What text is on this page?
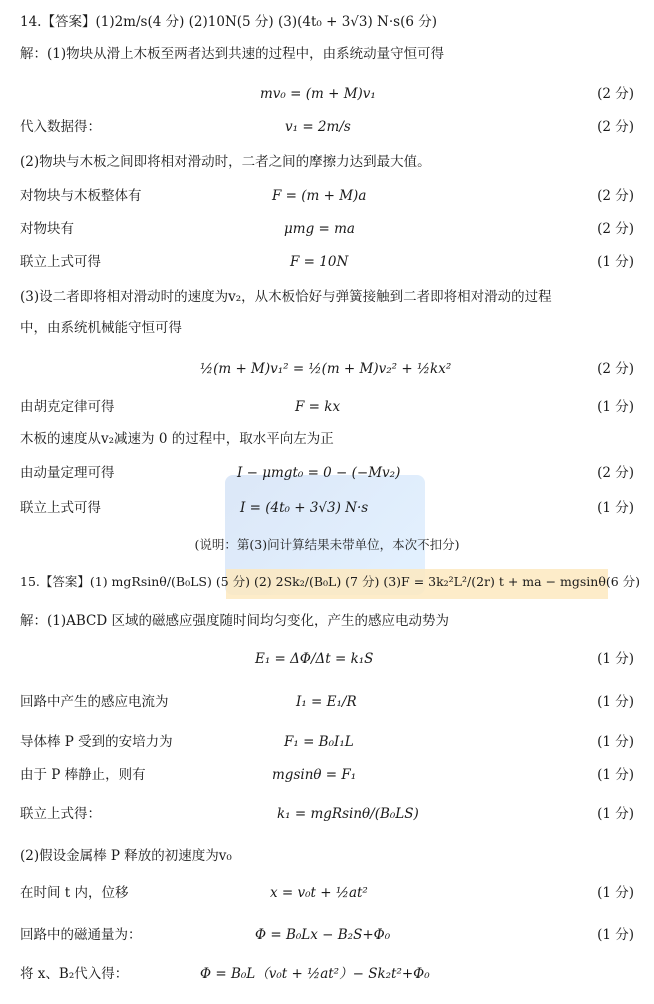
14.【答案】(1)2m/s(4 分) (2)10N(5 分) (3)(4t₀ + 3√3) N·s(6 分)
解：(1)物块从滑上木板至两者达到共速的过程中，由系统动量守恒可得
mv₀ = (m + M)v₁	(2 分)
代入数据得：	v₁ = 2m/s	(2 分)
(2)物块与木板之间即将相对滑动时，二者之间的摩擦力达到最大值。
对物块与木板整体有	F = (m + M)a	(2 分)
对物块有	μmg = ma	(2 分)
联立上式可得	F = 10N	(1 分)
(3)设二者即将相对滑动时的速度为v₂，从木板恰好与弹簧接触到二者即将相对滑动的过程
中，由系统机械能守恒可得
½(m + M)v₁² = ½(m + M)v₂² + ½kx²	(2 分)
由胡克定律可得	F = kx	(1 分)
木板的速度从v₂减速为 0 的过程中，取水平向左为正
由动量定理可得	I − μmgt₀ = 0 − (−Mv₂)	(2 分)
联立上式可得	I = (4t₀ + 3√3) N·s	(1 分)
(说明：第(3)问计算结果未带单位，本次不扣分)
15.【答案】(1) mgRsinθ/(B₀LS) (5 分) (2) 2Sk₂/(B₀L) (7 分) (3)F = 3k₂²L²/(2r) t + ma − mgsinθ(6 分)
解：(1)ABCD 区域的磁感应强度随时间均匀变化，产生的感应电动势为
E₁ = ΔΦ/Δt = k₁S	(1 分)
回路中产生的感应电流为	I₁ = E₁/R	(1 分)
导体棒 P 受到的安培力为	F₁ = B₀I₁L	(1 分)
由于 P 棒静止，则有	mgsinθ = F₁	(1 分)
联立上式得：	k₁ = mgRsinθ/(B₀LS)	(1 分)
(2)假设金属棒 P 释放的初速度为v₀
在时间 t 内，位移	x = v₀t + ½at²	(1 分)
回路中的磁通量为：	Φ = B₀Lx − B₂S+Φ₀	(1 分)
将 x、B₂代入得：	Φ = B₀L（v₀t + ½at²）− Sk₂t²+Φ₀
